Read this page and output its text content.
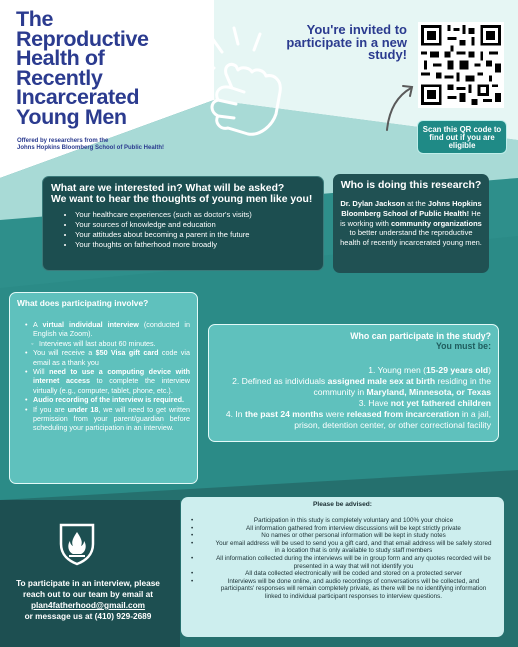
The Reproductive Health of Recently Incarcerated Young Men
Offered by researchers from the
Johns Hopkins Bloomberg School of Public Health!
You're invited to participate in a new study!
Scan this QR code to find out if you are eligible
What are we interested in? What will be asked?
We want to hear the thoughts of young men like you!
• Your healthcare experiences (such as doctor's visits)
• Your sources of knowledge and education
• Your attitudes about becoming a parent in the future
• Your thoughts on fatherhood more broadly
Who is doing this research?

Dr. Dylan Jackson at the Johns Hopkins Bloomberg School of Public Health! He is working with community organizations to better understand the reproductive health of recently incarcerated young men.

What does participating involve?
• A virtual individual interview (conducted in English via Zoom).
◦ Interviews will last about 60 minutes.
• You will receive a $50 Visa gift card code via email as a thank you
• Will need to use a computing device with internet access to complete the interview virtually (e.g., computer, tablet, phone, etc.).
• Audio recording of the interview is required.
• If you are under 18, we will need to get written permission from your parent/guardian before scheduling your participation in an interview.
Who can participate in the study?
You must be:
1. Young men (15-29 years old)
2. Defined as individuals assigned male sex at birth residing in the community in Maryland, Minnesota, or Texas
3. Have not yet fathered children
4. In the past 24 months were released from incarceration in a jail, prison, detention center, or other correctional facility
To participate in an interview, please reach out to our team by email at
plan4fatherhood@gmail.com
or message us at (410) 929-2689
Please be advised:
• Participation in this study is completely voluntary and 100% your choice
• All information gathered from interview discussions will be kept strictly private
• No names or other personal information will be kept in study notes
• Your email address will be used to send you a gift card, and that email address will be safely stored in a location that is only available to study staff members
• All information collected during the interviews will be in group form and any quotes recorded will be presented in a way that will not identify you
• All data collected electronically will be coded and stored on a protected server
• Interviews will be done online, and audio recordings of conversations will be collected, and participants' responses will remain completely private, as there will be no identifying information linked to individual participant responses to interview questions.
